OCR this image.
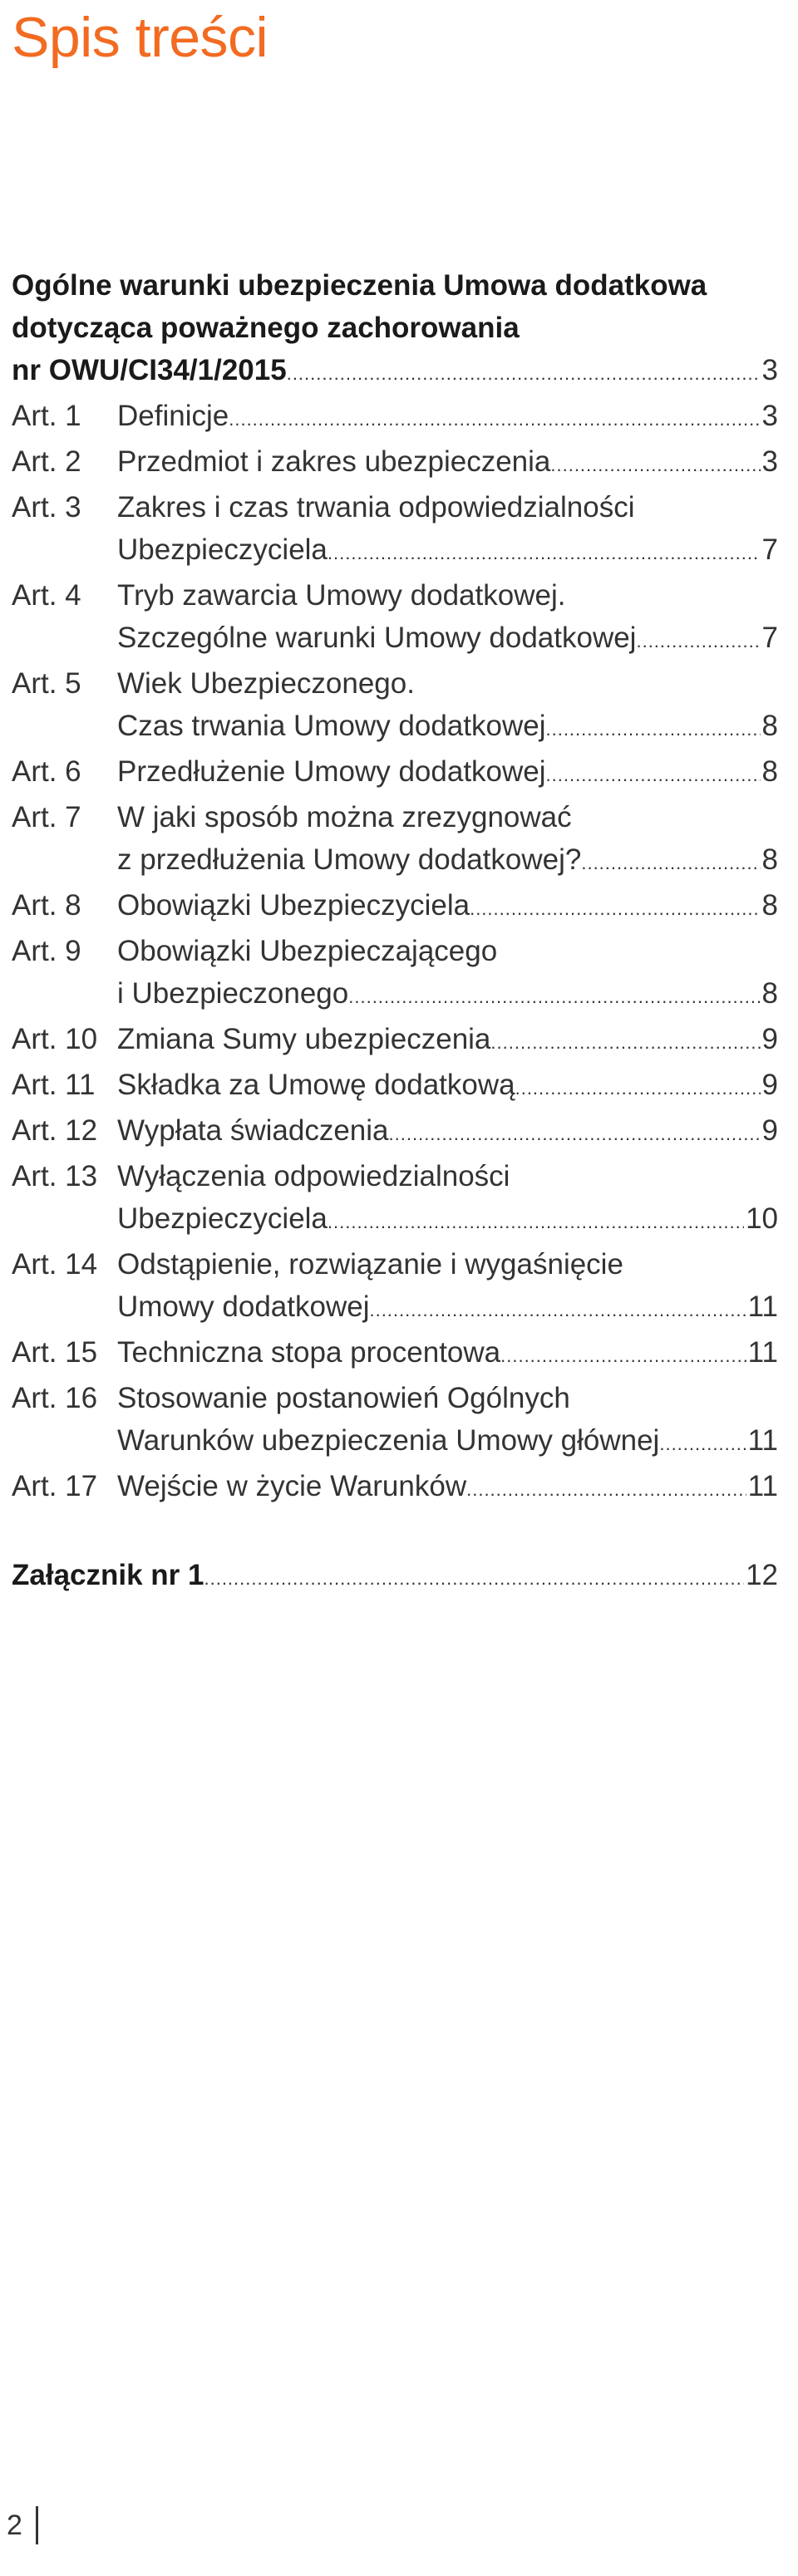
Spis treści
Ogólne warunki ubezpieczenia Umowa dodatkowa
dotycząca poważnego zachorowania
nr OWU/CI34/1/2015 .....	3
Art. 1	Definicje .....	3
Art. 2	Przedmiot i zakres ubezpieczenia .....	3
Art. 3	Zakres i czas trwania odpowiedzialności
Ubezpieczyciela .....	7
Art. 4	Tryb zawarcia Umowy dodatkowej.
Szczególne warunki Umowy dodatkowej .....	7
Art. 5	Wiek Ubezpieczonego.
Czas trwania Umowy dodatkowej .....	8
Art. 6	Przedłużenie Umowy dodatkowej .....	8
Art. 7	W jaki sposób można zrezygnować
z przedłużenia Umowy dodatkowej? .....	8
Art. 8	Obowiązki Ubezpieczyciela .....	8
Art. 9	Obowiązki Ubezpieczającego
i Ubezpieczonego .....	8
Art. 10 Zmiana Sumy ubezpieczenia .....	9
Art. 11 Składka za Umowę dodatkową .....	9
Art. 12 Wypłata świadczenia .....	9
Art. 13 Wyłączenia odpowiedzialności
Ubezpieczyciela .....	10
Art. 14 Odstąpienie, rozwiązanie i wygaśnięcie
Umowy dodatkowej .....	11
Art. 15 Techniczna stopa procentowa .....	11
Art. 16 Stosowanie postanowień Ogólnych
Warunków ubezpieczenia Umowy głównej .....	11
Art. 17 Wejście w życie Warunków .....	11
Załącznik nr 1 .....	12
2
